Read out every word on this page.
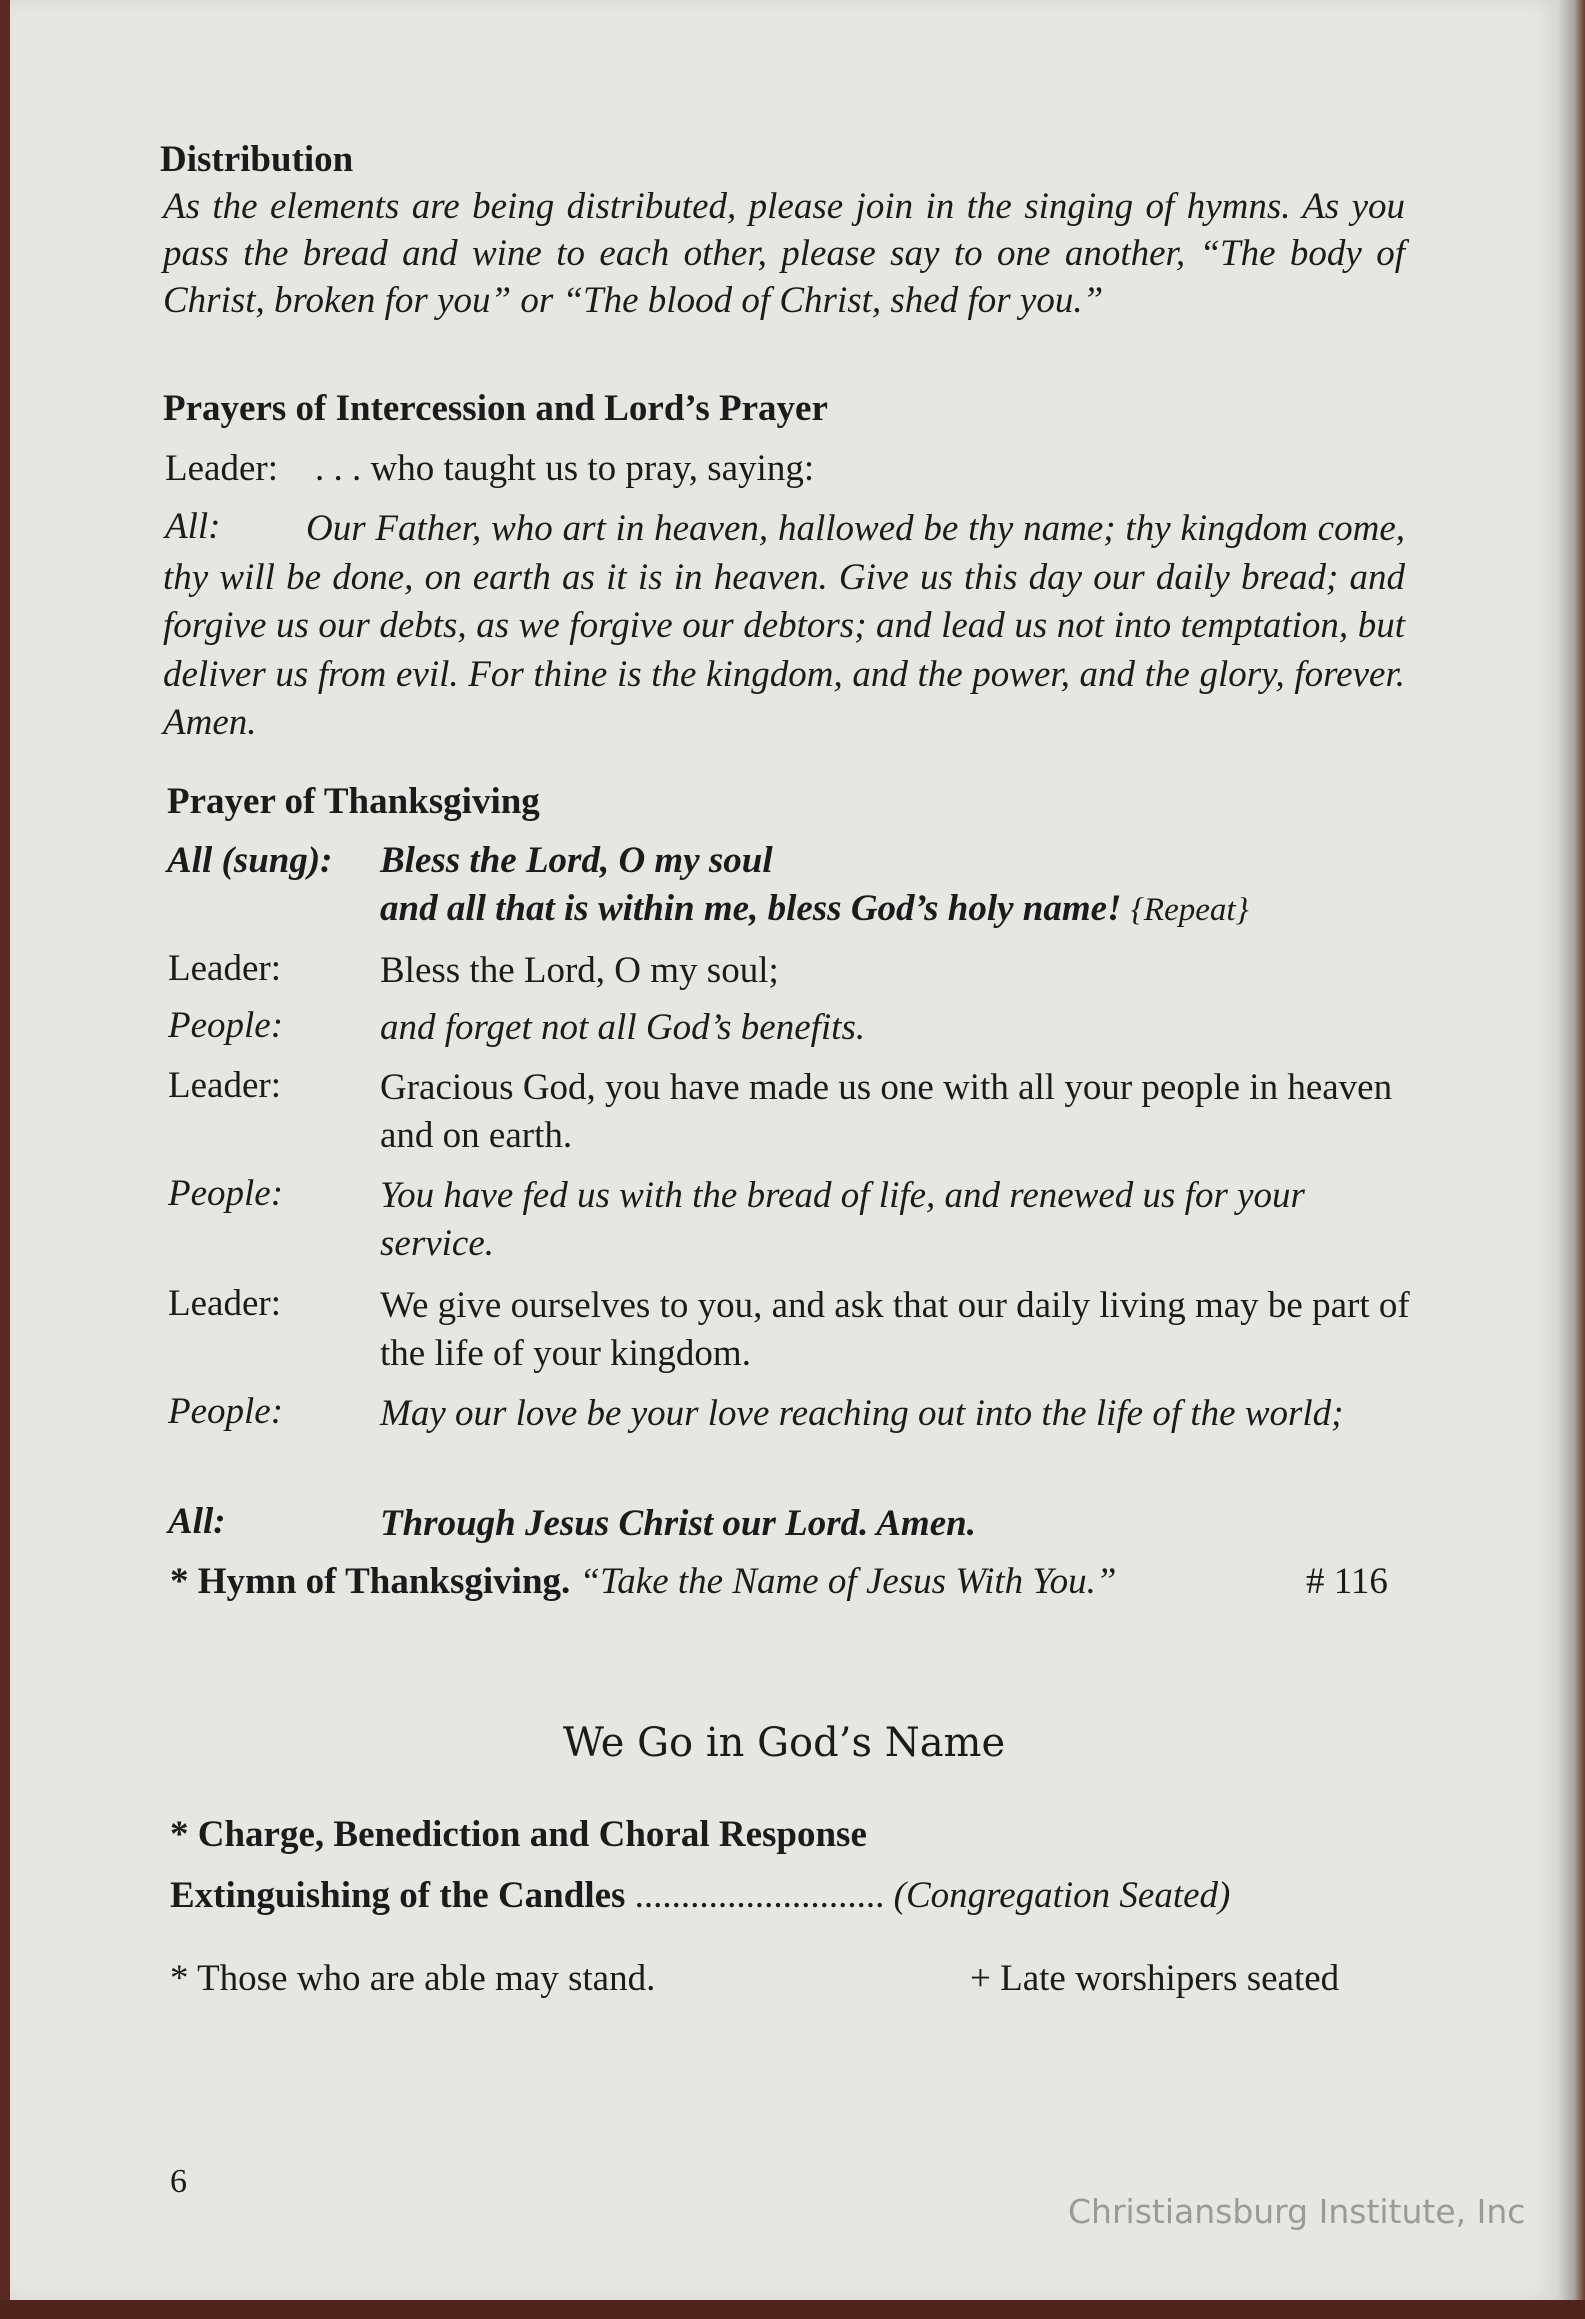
Distribution
As the elements are being distributed, please join in the singing of hymns. As you pass the bread and wine to each other, please say to one another, “The body of Christ, broken for you” or “The blood of Christ, shed for you.”
Prayers of Intercession and Lord’s Prayer
Leader: . . . who taught us to pray, saying:
All:	Our Father, who art in heaven, hallowed be thy name; thy kingdom come, thy will be done, on earth as it is in heaven. Give us this day our daily bread; and forgive us our debts, as we forgive our debtors; and lead us not into temptation, but deliver us from evil. For thine is the kingdom, and the power, and the glory, forever. Amen.
Prayer of Thanksgiving
All (sung): Bless the Lord, O my soul
and all that is within me, bless God’s holy name! {Repeat}
Leader:	Bless the Lord, O my soul;
People:	and forget not all God’s benefits.
Leader:	Gracious God, you have made us one with all your people in heaven and on earth.
People:	You have fed us with the bread of life, and renewed us for your service.
Leader:	We give ourselves to you, and ask that our daily living may be part of the life of your kingdom.
People:	May our love be your love reaching out into the life of the world;
All:	Through Jesus Christ our Lord. Amen.
* Hymn of Thanksgiving. “Take the Name of Jesus With You.”	# 116
We Go in God’s Name
* Charge, Benediction and Choral Response
Extinguishing of the Candles ........................... (Congregation Seated)
* Those who are able may stand.	+ Late worshipers seated
6
Christiansburg Institute, Inc
